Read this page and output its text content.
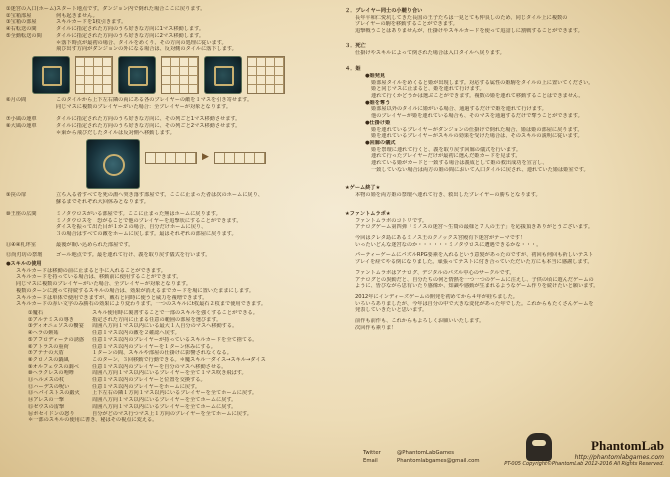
①迷宮の入口(ホーム) スタート地点です。ダンジョン内で倒れた場合ここに戻ります。
②宝箱部屋	何も起きません。
③宝箱の部屋	スキルカードを1枚引きます。
④右転送の間	タイルに指定された方向のうち好きな方向に1マス移動します。
⑤全動転送の間	タイルに指定された方向のうち好きな方向に2マス移動します。
＊落下時点が最初の場合、タイルをめくり、その方向の処理に従います。
飛び出す方向がダンジョンの外になる場合は、反対側のタイルに落下します。
⑥月の間	このタイルから上下左右隣の両にある各のプレイヤーの敵を１マスを引き寄せます。
同じマスに複数のプレイヤーがいた場合：全プレイヤーが対象となります。
⑦小風の運車	タイルに指定された方向のうち好きな方向に、その列ごと1マス移動させます。
⑧大風の運車	タイルに指定された方向のうち好きな方向に、その列ごと2マス移動させます。
＊乗から飛びだしたタイルは反対側へ移動します。
▶
⑨罠の扉	立ち入る者すべてを死の淵へ突き落す部屋です。ここに止まった者は次のホームに戻り、
蘇るまでそれぞれ大回休みとなります。
⑩王座の広間	ミノタウロスがいる部屋です。ここに止まった無はホームに戻ります。
ミノタウロスを　恐がることで他のプレイヤーを追撃状にすることができます。
ダイスを振って出た目が１か２の場合、自分だけホームに戻り、
３の場合はすべての敵をホームに戻します。最はそれぞれの部屋に戻ります。
⑪④④札坪室	最後が眠い込められた部屋です。
⑫尚刃坊の祭壇	ゴール地点です。最を連れて行け、義を取り戻す儀式を行います。
●スキルの使用
スキルカードは移動の前に止まると手に入れることができます。
スキルカードを持っている場合は、移動前に使用することができます。
同じマスに複数のプレイヤーがいた場合、全プレイヤーが対象となります。
複数のターンに渡って持続するスキルの場合は、効果が消えるまでカードを場に置いたままにします。
スキルカードは単体で使用できますが、戴石と同時に使うと威力を複増できます。
スキルカードの赤い文字のみ勝石の効果により変わります。一つのスキルにt枚最石２枚まで使用できます。
①魔石	スキル使用時に裏書することで一部のスキルを強くすることができる。
②アルテミスの導き	指定された方向に止まる任意の範囲の部屋を選びます。
③ディオニュソスの饗宴	周囲八方向１マス以内にいる最大１人自分のマスへ移動する。
④ヘラの嫉妬	任意１マス以内の敵を２確認へ戻す。
⑤アフロディーテの誘惑	任意１マス以内のプレイヤーが持っているスキルカードを全て捨てる。
⑥アトラスの重荷	任意１マス以内のプレイヤーを１ターン休みにする。
⑦アテナの大盾	１ターンの間、スキルや部屋の仕掛けに影響されなくなる。
⑧クロノスの鍋風	このターン、３回移動で行動できる。＊魔スキル一ダイス→スキル→ダイス
⑨オルフェウスの調べ	任意１マス以内のプレイヤーを自分のマスへ移動させる。
⑩ヘラクレスの咆哮	周囲八方向１マス以内にいるプレイヤーを全て１マス吹き飛ばす。
⑪ヘルメスの杖	任意１マス以内のプレイヤーと位置を交換する。
⑫ハーデスの呪い	任意１マス以内のプレイヤーをホームに戻す。
⑬ヘパイストスの鍛火	上下左右の隣１方向１マス以内にいるプレイヤーを全てホームに戻す。
⑭アレスの一撃	周囲八方向１マス以内にいるプレイヤーを全てホームに戻す。
⑮ゼウスの雷撃	周囲八方向１マス以内にいるプレイヤーを全てホームに戻す。
⑯ポセイドンの怒り	自分がどのマス行つマス上１方向のプレイヤーを全てホームに戻す。
＊一部のスキルの使用に書き、秘はその視点に変える。
２．プレイヤー同士の小競り合い
長年平和仁愛坑してきた長国の王子たちは一見とても仲良しのため、同じタイル上に複数の
プレイヤーの駒を移動することができます。
追撃戦うことはありませんが、仕掛けやスキルカードを使って追詰しに割戦することができます。
３．死亡
仕掛けやスキルによって倒された場合は入口タイルへ戻ります。
４．姫
●姫発見
姫部屋タイルをめくると姫が出現します。対応する属性の姫駒をタイルの上に置いてください。
姫と同じマスに止まると、姫を連れて行けます。
連れて行くかどうかは選ぶことができます。複数の姫を連れて移動することはできません。
●姫を奪う
姫部屋以外のタイルに姫がいる場合、通過するだけで姫を連れて行けます。
他のプレイヤーが姫を連れている場合も、そのマスを通過するだけで奪うことができます。
●仕掛け姫
姫を連れているプレイヤーがダンジョンの仕掛けで倒れた場合、姫は姫の部屋に戻ります。
姫を連れているプレイヤーがスキルの効果を受けた場合は、そのスキルの説明に従います。
●回廊の儀式
姫を祭壇に連れて行くと、義を取り戻す回廊の儀式を行います。
連れて行ったプレイヤーだけが最初に選んだ姫カードを見ます。
連れている姫がカードと一致する場合は義成として姫の救出成功を宣言し、
一致していない場合は両方の姫の間において入口タイルに戻され、連れていた姫は姫室です。
★ゲーム終了★
本物の姫を両方姫の祭壇へ連れて行き、救出したプレイヤーの勝ちとなります。
★ファントムラボ★
ファントムラボのコトリです。
アナログゲーム第四弾「ミノスの迷宮～生贄の最様と７人の王子」を応援頂きありがとうございます。
今回はクレタ島にあるミノス王のクノックス宮殿有下迷宮がテーマです！
いったいどんな迷宮なのか・・・・・・ミノタウロスに遭遇できるかな・・・。
パーティーゲームにパズルRPG要素を入れるという意髪があったのですが、初回も何回も祈しいテスト
プレイを経てやる倒になりました。頑張ってテストに付き合っていただいた方にも本当に感謝します。
ファントムラボはアナログ、デジタルのパズル中心のサークルです。
アナログとの異動だと、自分たちの何と情熱を一つ一つのゲームに注えし、子供の頃に遊んだゲームの
ように、皆びながら思有いたり感像か、知識や感動が生まれるようなゲーム作りを続けたいと願います。
2012年にインディーズゲームの開発を初めてから４年が経ちました。
いろいろありましたが、今年は自分の中で大きな変化があった年でした。これからもたくさんゲームを
発表していきたいと思います。
前作も前作も、これからもよろしくお願いいたします。
次回作も素りま！
Twitter	@PhantomLabGames
Email	Phantomlabgames@gmail.com
PhantomLab
http://phantomlabgames.com
PT-005 Copyright©PhantomLab 2012-2016 All Rights Reserved.
